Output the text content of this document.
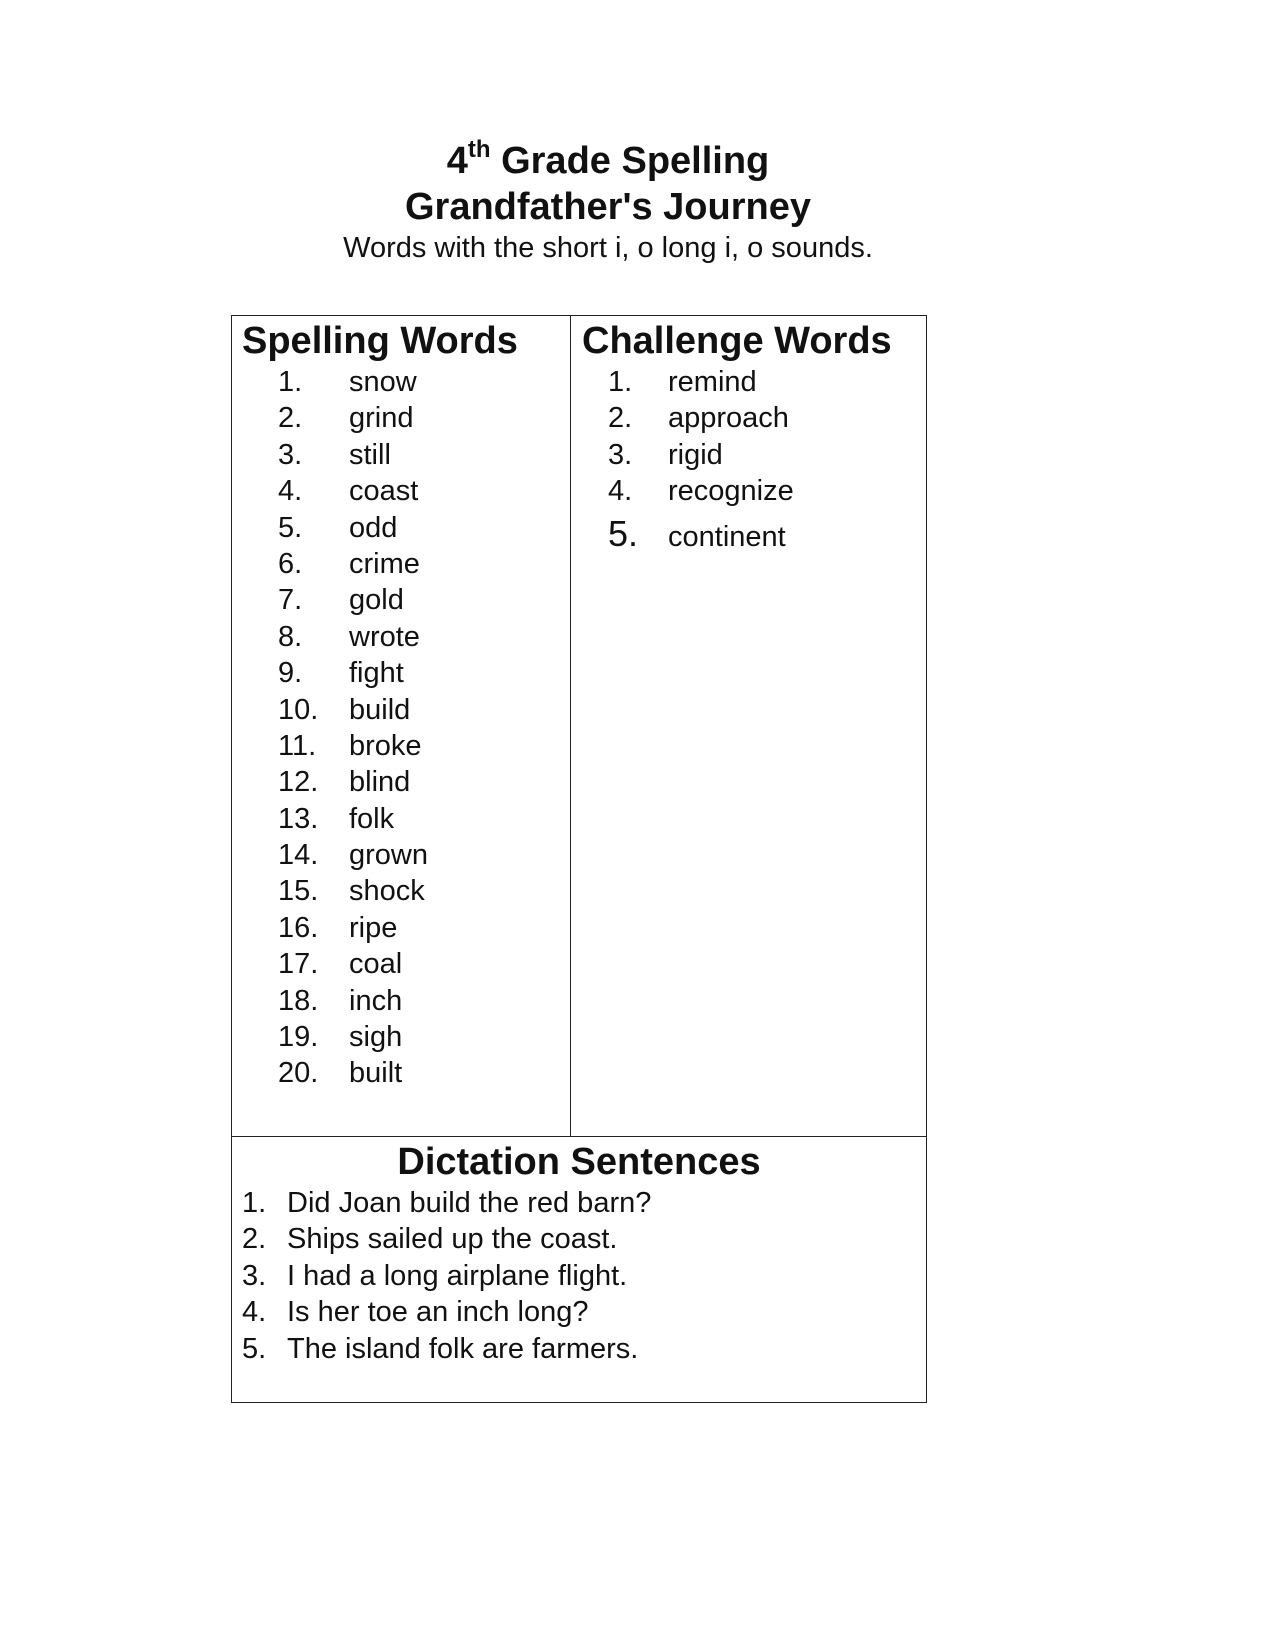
4th Grade Spelling
Grandfather's Journey
Words with the short i, o long i, o sounds.
Spelling Words
1. snow
2. grind
3. still
4. coast
5. odd
6. crime
7. gold
8. wrote
9. fight
10. build
11. broke
12. blind
13. folk
14. grown
15. shock
16. ripe
17. coal
18. inch
19. sigh
20. built
Challenge Words
1. remind
2. approach
3. rigid
4. recognize
5. continent
Dictation Sentences
1. Did Joan build the red barn?
2. Ships sailed up the coast.
3. I had a long airplane flight.
4. Is her toe an inch long?
5. The island folk are farmers.
